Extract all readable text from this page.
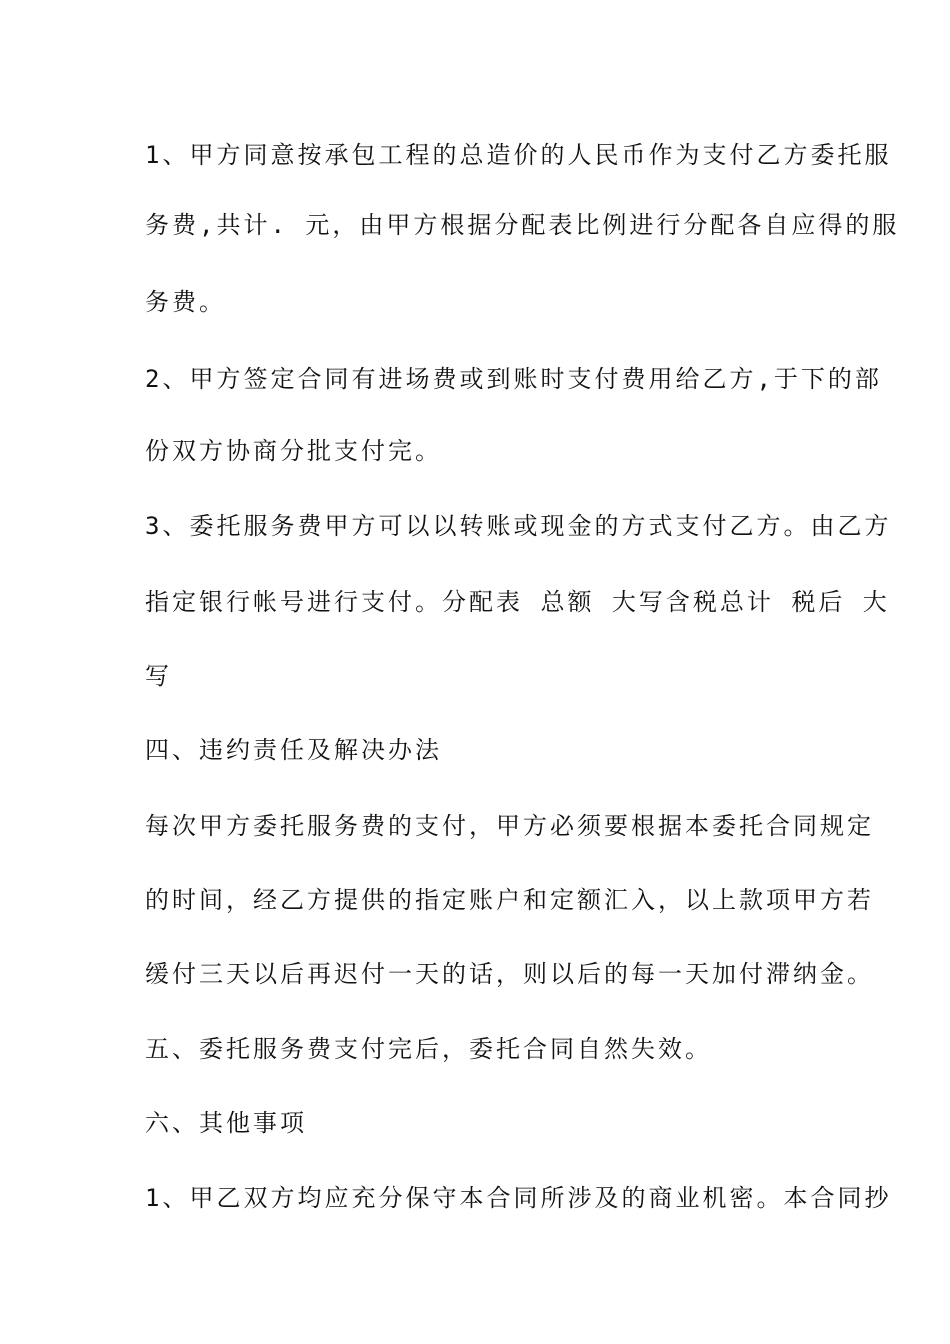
1、甲方同意按承包工程的总造价的人民币作为支付乙方委托服
务费,共计. 元，由甲方根据分配表比例进行分配各自应得的服
务费。
2、甲方签定合同有进场费或到账时支付费用给乙方,于下的部
份双方协商分批支付完。
3、委托服务费甲方可以以转账或现金的方式支付乙方。由乙方
指定银行帐号进行支付。分配表 总额 大写含税总计 税后 大
写
四、违约责任及解决办法
每次甲方委托服务费的支付，甲方必须要根据本委托合同规定
的时间，经乙方提供的指定账户和定额汇入，以上款项甲方若
缓付三天以后再迟付一天的话，则以后的每一天加付滞纳金。
五、委托服务费支付完后，委托合同自然失效。
六、其他事项
1、甲乙双方均应充分保守本合同所涉及的商业机密。本合同抄
